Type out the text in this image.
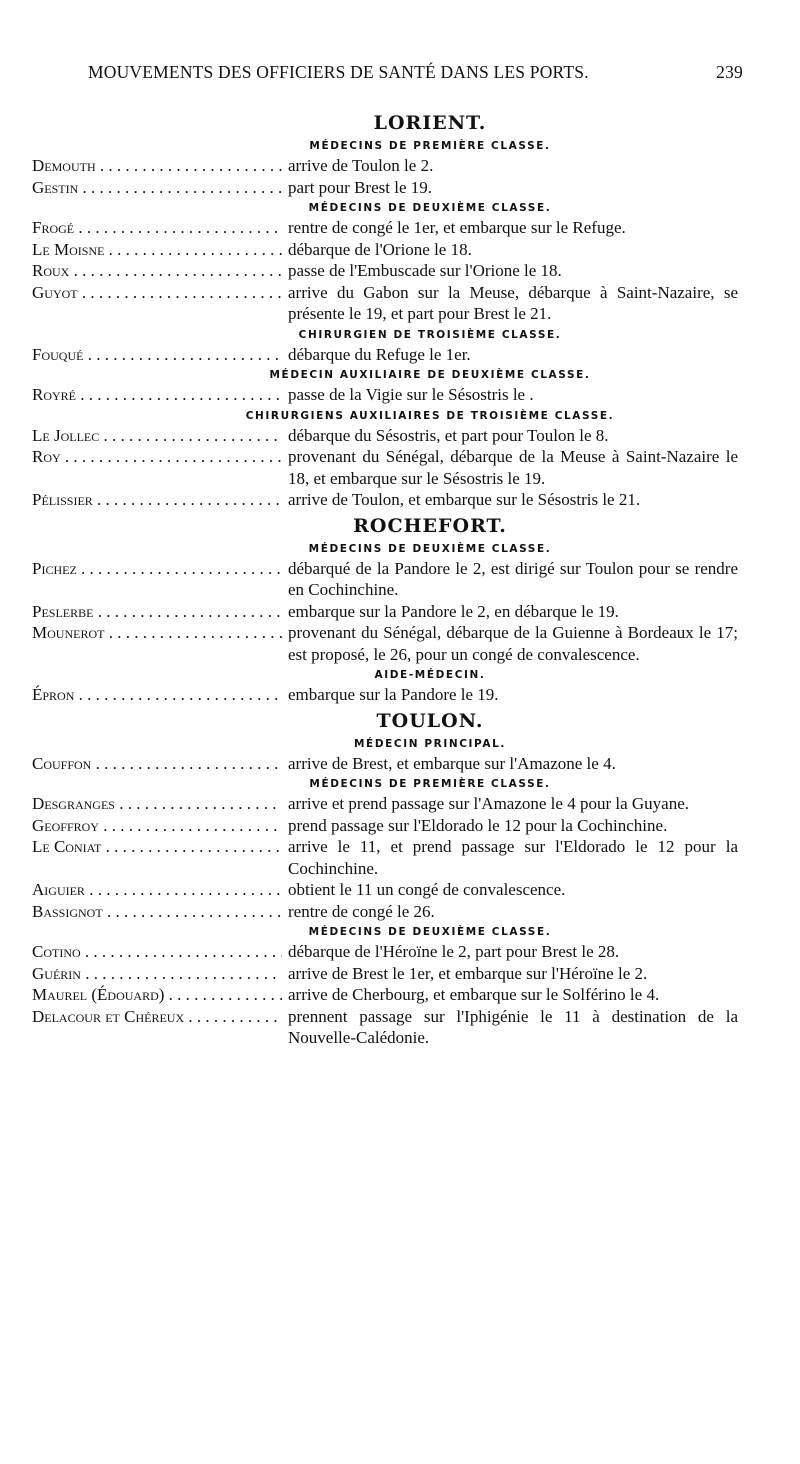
MOUVEMENTS DES OFFICIERS DE SANTÉ DANS LES PORTS.	239
LORIENT.
MÉDECINS DE PREMIÈRE CLASSE.
Demouth . . .	arrive de Toulon le 2.
Gestin . . .	part pour Brest le 19.
MÉDECINS DE DEUXIÈME CLASSE.
Frogé . . .	rentre de congé le 1er, et embarque sur le Refuge.
Le Moisne . . .	débarque de l'Orione le 18.
Roux . . .	passe de l'Embuscade sur l'Orione le 18.
Guyot . . .	arrive du Gabon sur la Meuse, débarque à Saint-Nazaire, se présente le 19, et part pour Brest le 21.
CHIRURGIEN DE TROISIÈME CLASSE.
Fouqué . . .	débarque du Refuge le 1er.
MÉDECIN AUXILIAIRE DE DEUXIÈME CLASSE.
Royré . . .	passe de la Vigie sur le Sésostris le .
CHIRURGIENS AUXILIAIRES DE TROISIÈME CLASSE.
Le Jollec . . .	débarque du Sésostris, et part pour Toulon le 8.
Roy . . .	provenant du Sénégal, débarque de la Meuse à Saint-Nazaire le 18, et embarque sur le Sésostris le 19.
Pélissier . . .	arrive de Toulon, et embarque sur le Sésostris le 21.
ROCHEFORT.
MÉDECINS DE DEUXIÈME CLASSE.
Pichez . . .	débarqué de la Pandore le 2, est dirigé sur Toulon pour se rendre en Cochinchine.
Peslerbe . . .	embarque sur la Pandore le 2, en débarque le 19.
Mounerot . . .	provenant du Sénégal, débarque de la Guienne à Bordeaux le 17; est proposé, le 26, pour un congé de convalescence.
AIDE-MÉDECIN.
Épron . . .	embarque sur la Pandore le 19.
TOULON.
MÉDECIN PRINCIPAL.
Couffon . . .	arrive de Brest, et embarque sur l'Amazone le 4.
MÉDECINS DE PREMIÈRE CLASSE.
Desgranges . . .	arrive et prend passage sur l'Amazone le 4 pour la Guyane.
Geoffroy . . .	prend passage sur l'Eldorado le 12 pour la Cochinchine.
Le Coniat . . .	arrive le 11, et prend passage sur l'Eldorado le 12 pour la Cochinchine.
Aiguier . . .	obtient le 11 un congé de convalescence.
Bassignot . . .	rentre de congé le 26.
MÉDECINS DE DEUXIÈME CLASSE.
Cotino . . .	débarque de l'Héroïne le 2, part pour Brest le 28.
Guérin . . .	arrive de Brest le 1er, et embarque sur l'Héroïne le 2.
Maurel (Édouard) . . .	arrive de Cherbourg, et embarque sur le Solférino le 4.
Delacour et Chéreux . . .	prennent passage sur l'Iphigénie le 11 à destination de la Nouvelle-Calédonie.
